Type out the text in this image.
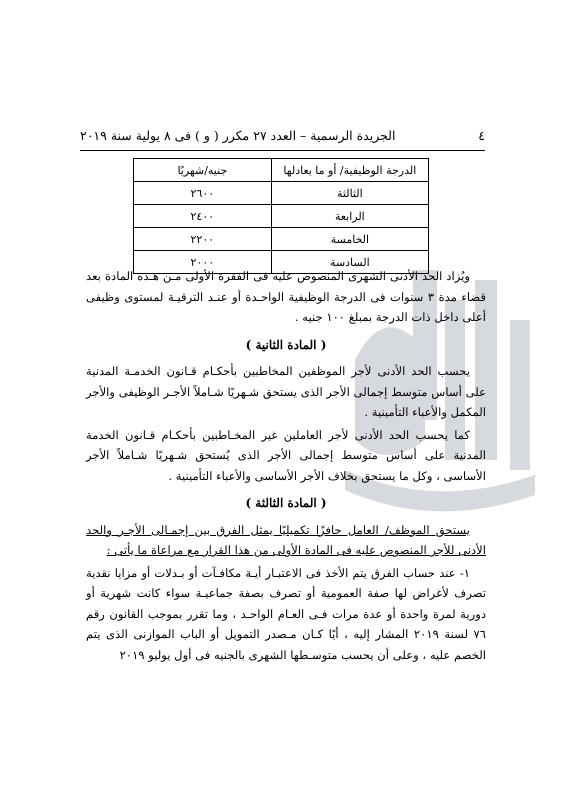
٤
الجريدة الرسمية – العدد ٢٧ مكرر ( و ) فى ٨ يولية سنة ٢٠١٩
الدرجة الوظيفية/ أو ما يعادلها	جنيه/شهريًا
الثالثة	٢٦٠٠
الرابعة	٢٤٠٠
الخامسة	٢٢٠٠
السادسة	٢٠٠٠

ويُزاد الحد الأدنى الشهرى المنصوص عليه فى الفقرة الأولى مـن هـذه المادة بعد قضاء مدة ٣ سنوات فى الدرجة الوظيفية الواحـدة أو عنـد الترقيـة لمستوى وظيفى أعلى داخل ذات الدرجة بمبلغ ١٠٠ جنيه .

( المادة الثانية )

يحسب الحد الأدنى لأجر الموظفين المخاطبين بأحكـام قـانون الخدمـة المدنية على أساس متوسط إجمالى الأجر الذى يستحق شـهريًا شـاملاً الأجـر الوظيفى والأجر المكمل والأعباء التأمينية .

كما يحسب الحد الأدنى لأجر العاملين غير المخـاطبين بأحكـام قـانون الخدمة المدنية على أساس متوسط إجمالى الأجر الذى يُستحق شـهريًا شـاملاً الأجر الأساسى ، وكل ما يستحق بخلاف الأجر الأساسى والأعباء التأمينية .

( المادة الثالثة )

يستحق الموظف/ العامل حافزًا تكميليًا يمثل الفرق بين إجمـالى الأجـر والحد الأدنى للأجر المنصوص عليه فى المادة الأولى من هذا القرار مع مراعاة ما يأتى :

١- عند حساب الفرق يتم الأخذ فى الاعتبـار أيـة مكافـآت أو بـدلات أو مزايا نقدية تصرف لأغراض لها صفة العمومية أو تصرف بصفة جماعيـة سواء كانت شهرية أو دورية لمرة واحدة أو عدة مرات فـى العـام الواحـد ، وما تقرر بموجب القانون رقم ٧٦ لسنة ٢٠١٩ المشار إليه ، أيًا كـان مـصدر التمويل أو الباب الموازنى الذى يتم الخصم عليه ، وعلى أن يحسب متوسـطها الشهرى بالجنيه فى أول يوليو ٢٠١٩
